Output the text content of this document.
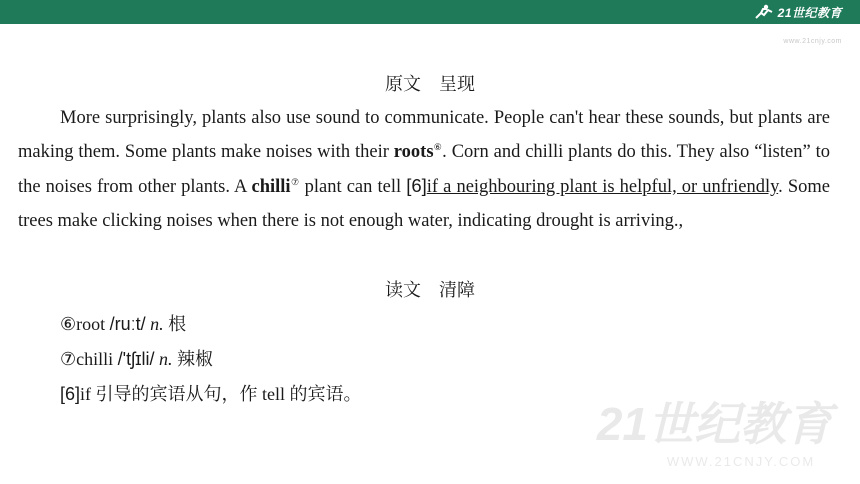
21世纪教育
www.21cnjy.com
原文　呈现
More surprisingly, plants also use sound to communicate. People can't hear these sounds, but plants are making them. Some plants make noises with their roots⑥. Corn and chilli plants do this. They also “listen” to the noises from other plants. A chilli⑦ plant can tell [6]if a neighbouring plant is helpful, or unfriendly. Some trees make clicking noises when there is not enough water, indicating drought is arriving.,
读文　清障
⑥root /ruːt/ n. 根
⑦chilli /'tʃɪli/ n. 辣椒
[6]if 引导的宾语从句，作 tell 的宾语。
21世纪教育
WWW.21CNJY.COM
